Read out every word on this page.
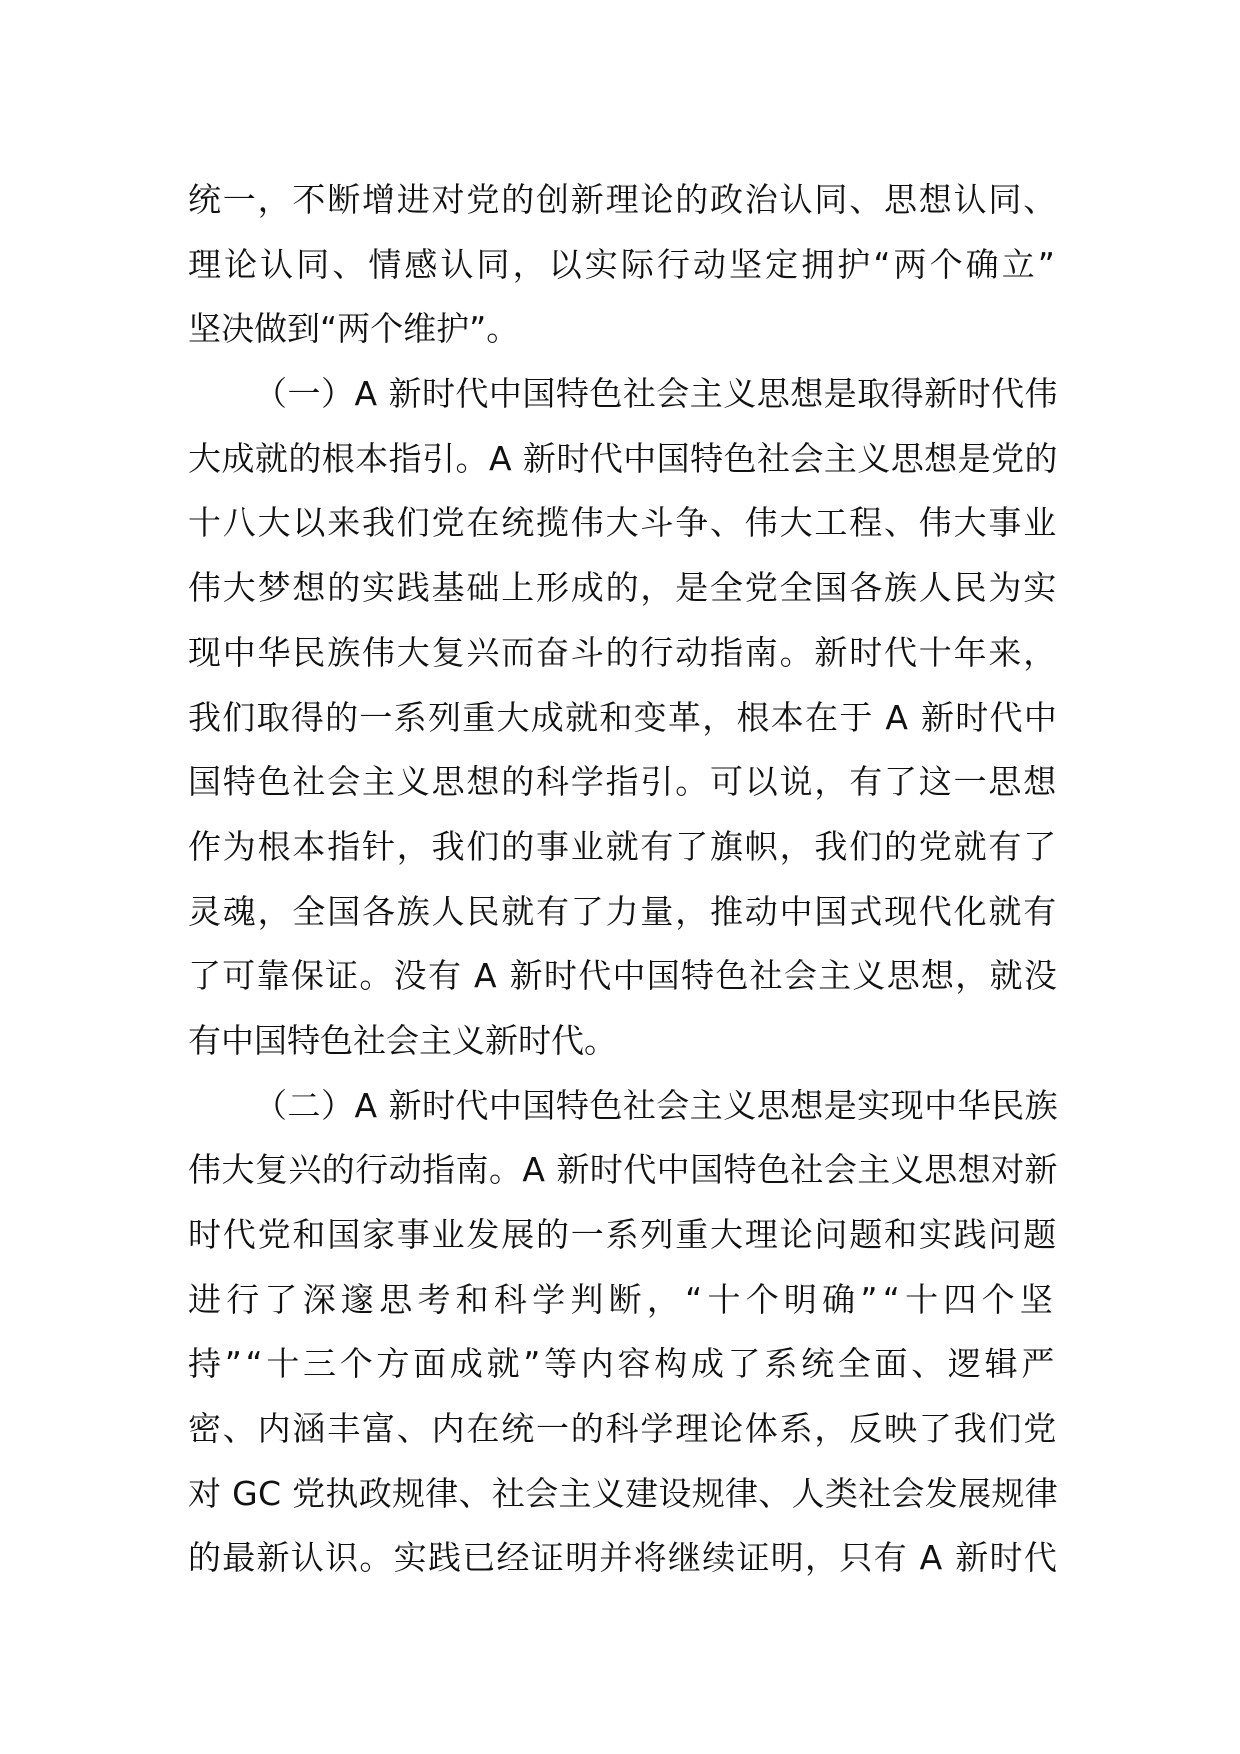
统一，不断增进对党的创新理论的政治认同、思想认同、
理论认同、情感认同，以实际行动坚定拥护“两个确立”
坚决做到“两个维护”。
（一）A 新时代中国特色社会主义思想是取得新时代伟
大成就的根本指引。A 新时代中国特色社会主义思想是党的
十八大以来我们党在统揽伟大斗争、伟大工程、伟大事业
伟大梦想的实践基础上形成的，是全党全国各族人民为实
现中华民族伟大复兴而奋斗的行动指南。新时代十年来，
我们取得的一系列重大成就和变革，根本在于 A 新时代中
国特色社会主义思想的科学指引。可以说，有了这一思想
作为根本指针，我们的事业就有了旗帜，我们的党就有了
灵魂，全国各族人民就有了力量，推动中国式现代化就有
了可靠保证。没有 A 新时代中国特色社会主义思想，就没
有中国特色社会主义新时代。
（二）A 新时代中国特色社会主义思想是实现中华民族
伟大复兴的行动指南。A 新时代中国特色社会主义思想对新
时代党和国家事业发展的一系列重大理论问题和实践问题
进行了深邃思考和科学判断，“十个明确”“十四个坚
持”“十三个方面成就”等内容构成了系统全面、逻辑严
密、内涵丰富、内在统一的科学理论体系，反映了我们党
对 GC 党执政规律、社会主义建设规律、人类社会发展规律
的最新认识。实践已经证明并将继续证明，只有 A 新时代
